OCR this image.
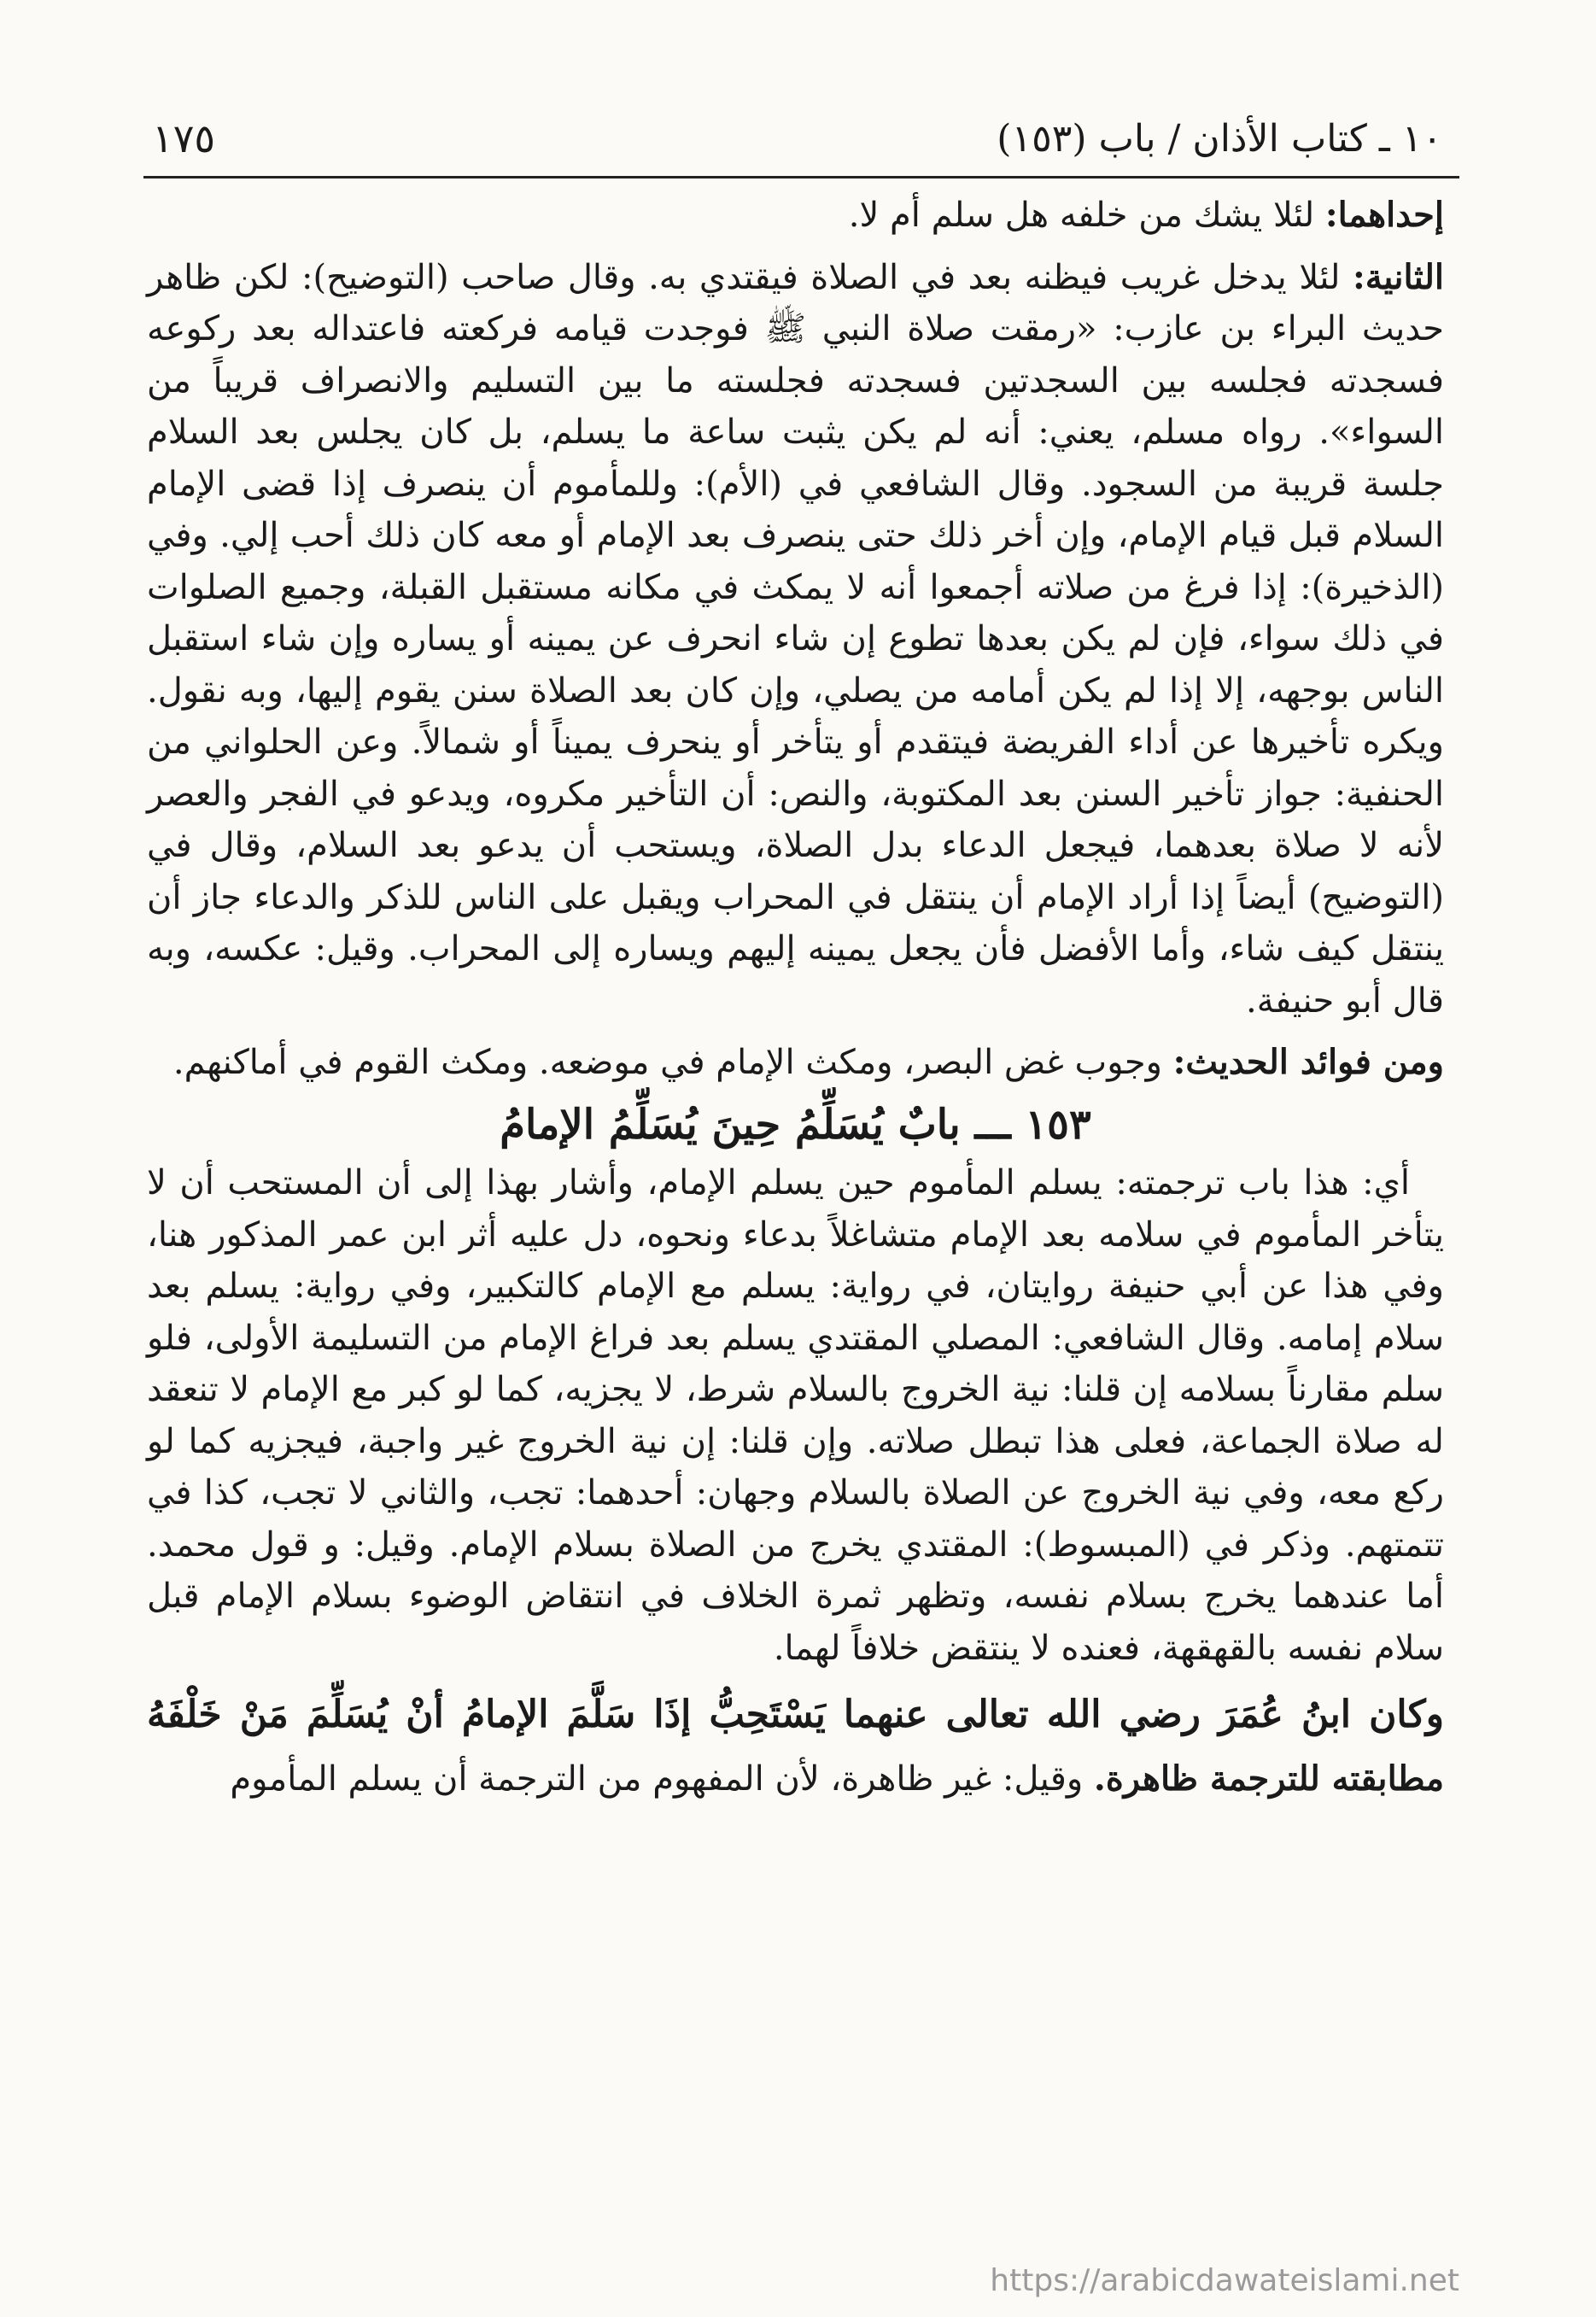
١٠ ـ كتاب الأذان / باب (١٥٣)
١٧٥

إحداهما: لئلا يشك من خلفه هل سلم أم لا.

الثانية: لئلا يدخل غريب فيظنه بعد في الصلاة فيقتدي به. وقال صاحب (التوضيح): لكن ظاهر حديث البراء بن عازب: «رمقت صلاة النبي ﷺ فوجدت قيامه فركعته فاعتداله بعد ركوعه فسجدته فجلسه بين السجدتين فسجدته فجلسته ما بين التسليم والانصراف قريباً من السواء». رواه مسلم، يعني: أنه لم يكن يثبت ساعة ما يسلم، بل كان يجلس بعد السلام جلسة قريبة من السجود. وقال الشافعي في (الأم): وللمأموم أن ينصرف إذا قضى الإمام السلام قبل قيام الإمام، وإن أخر ذلك حتى ينصرف بعد الإمام أو معه كان ذلك أحب إلي. وفي (الذخيرة): إذا فرغ من صلاته أجمعوا أنه لا يمكث في مكانه مستقبل القبلة، وجميع الصلوات في ذلك سواء، فإن لم يكن بعدها تطوع إن شاء انحرف عن يمينه أو يساره وإن شاء استقبل الناس بوجهه، إلا إذا لم يكن أمامه من يصلي، وإن كان بعد الصلاة سنن يقوم إليها، وبه نقول. ويكره تأخيرها عن أداء الفريضة فيتقدم أو يتأخر أو ينحرف يميناً أو شمالاً. وعن الحلواني من الحنفية: جواز تأخير السنن بعد المكتوبة، والنص: أن التأخير مكروه، ويدعو في الفجر والعصر لأنه لا صلاة بعدهما، فيجعل الدعاء بدل الصلاة، ويستحب أن يدعو بعد السلام، وقال في (التوضيح) أيضاً إذا أراد الإمام أن ينتقل في المحراب ويقبل على الناس للذكر والدعاء جاز أن ينتقل كيف شاء، وأما الأفضل فأن يجعل يمينه إليهم ويساره إلى المحراب. وقيل: عكسه، وبه قال أبو حنيفة.

ومن فوائد الحديث: وجوب غض البصر، ومكث الإمام في موضعه. ومكث القوم في أماكنهم.

١٥٣ ـــ بابٌ يُسَلِّمُ حِينَ يُسَلِّمُ الإمامُ

أي: هذا باب ترجمته: يسلم المأموم حين يسلم الإمام، وأشار بهذا إلى أن المستحب أن لا يتأخر المأموم في سلامه بعد الإمام متشاغلاً بدعاء ونحوه، دل عليه أثر ابن عمر المذكور هنا، وفي هذا عن أبي حنيفة روايتان، في رواية: يسلم مع الإمام كالتكبير، وفي رواية: يسلم بعد سلام إمامه. وقال الشافعي: المصلي المقتدي يسلم بعد فراغ الإمام من التسليمة الأولى، فلو سلم مقارناً بسلامه إن قلنا: نية الخروج بالسلام شرط، لا يجزيه، كما لو كبر مع الإمام لا تنعقد له صلاة الجماعة، فعلى هذا تبطل صلاته. وإن قلنا: إن نية الخروج غير واجبة، فيجزيه كما لو ركع معه، وفي نية الخروج عن الصلاة بالسلام وجهان: أحدهما: تجب، والثاني لا تجب، كذا في تتمتهم. وذكر في (المبسوط): المقتدي يخرج من الصلاة بسلام الإمام. وقيل: و قول محمد. أما عندهما يخرج بسلام نفسه، وتظهر ثمرة الخلاف في انتقاض الوضوء بسلام الإمام قبل سلام نفسه بالقهقهة، فعنده لا ينتقض خلافاً لهما.

وكان ابنُ عُمَرَ رضي الله تعالى عنهما يَسْتَحِبُّ إذَا سَلَّمَ الإمامُ أنْ يُسَلِّمَ مَنْ خَلْفَهُ

مطابقته للترجمة ظاهرة. وقيل: غير ظاهرة، لأن المفهوم من الترجمة أن يسلم المأموم

https://arabicdawateislami.net
